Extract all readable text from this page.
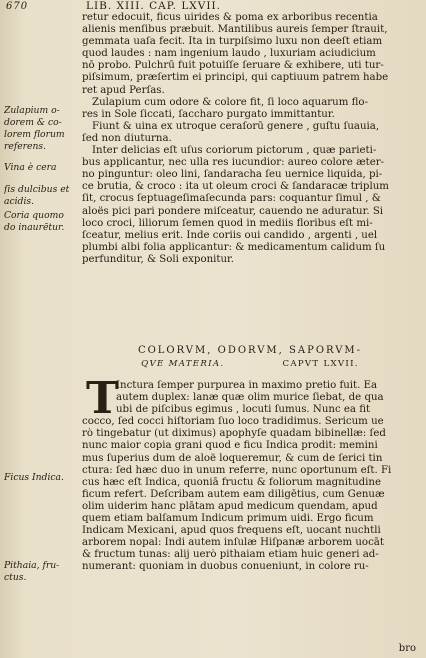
670	LIB. XIII. CAP. LXVII.
retur edocuit, ficus uirides & poma ex arboribus recentia
alienis menſibus præbuit. Mantilibus aureis ſemper ſtrauit,
gemmata uaſa fecit. Ita in turpiſsimo luxu non deeſt etiam
quod laudes : nam ingenium laudo , luxuriam aciudicium
nō probo. Pulchrū fuit potuiſſe ſeruare & exhibere, uti tur-
piſsimum, præſertim ei principi, qui captiuum patrem habe
ret apud Perſas.
Zulapium cum odore & colore fit, ſi loco aquarum flo-
res in Sole ſiccati, ſaccharo purgato immittantur.
Fiunt & uina ex utroque ceraſorū genere , guſtu ſuauia,
ſed non diuturna.
Inter delicias eſt uſus coriorum pictorum , quæ parieti-
bus applicantur, nec ulla res iucundior: aureo colore æter-
no pinguntur: oleo lini, ſandaracha ſeu uernice liquida, pi-
ce brutia, & croco : ita ut oleum croci & ſandaracæ triplum
ſit, crocus ſeptuageſimaſecunda pars: coquantur ſimul , &
aloës pici pari pondere miſceatur, cauendo ne aduratur. Si
loco croci, liliorum ſemen quod in mediis floribus eſt mi-
ſceatur, melius erit. Inde coriis oui candido , argenti , uel
plumbi albi folia applicantur: & medicamentum calidum ſu
perfunditur, & Soli exponitur.
Zulapium o-
dorem & co-
lorem florum
referens.
Vina è cera
ſis dulcibus et
acidis.
Coria quomo
do inaurētur.
Ficus Indica.
Pithaia, fru-
ctus.
COLORVM, ODORVM, SAPORVM-
QVE MATERIA.	CAPVT LXVII.
T
Inctura ſemper purpurea in maximo pretio fuit. Ea
autem duplex: lanæ quæ olim murice ſiebat, de qua
ubi de piſcibus egimus , locuti ſumus. Nunc ea fit
cocco, ſed cocci hiſtoriam ſuo loco tradidimus. Sericum ue
rò tingebatur (ut diximus) apophyſe quadam bibinellæ: ſed
nunc maior copia grani quod e ficu Indica prodit: memini
mus ſuperius dum de aloë loqueremur, & cum de ſerici tin
ctura: ſed hæc duo in unum referre, nunc oportunum eſt. Fi
cus hæc eſt Indica, quoniā fructu & foliorum magnitudine
ficum refert. Deſcribam autem eam diligētius, cum Genuæ
olim uiderim hanc plātam apud medicum quendam, apud
quem etiam balſamum Indicum primum uidi. Ergo ficum
Indicam Mexicani, apud quos frequens eſt, uocant nuchtli
arborem nopal: Indi autem inſulæ Hiſpanæ arborem uocāt
& fructum tunas: alij uerò pithaiam etiam huic generi ad-
numerant: quoniam in duobus conueniunt, in colore ru-
bro
